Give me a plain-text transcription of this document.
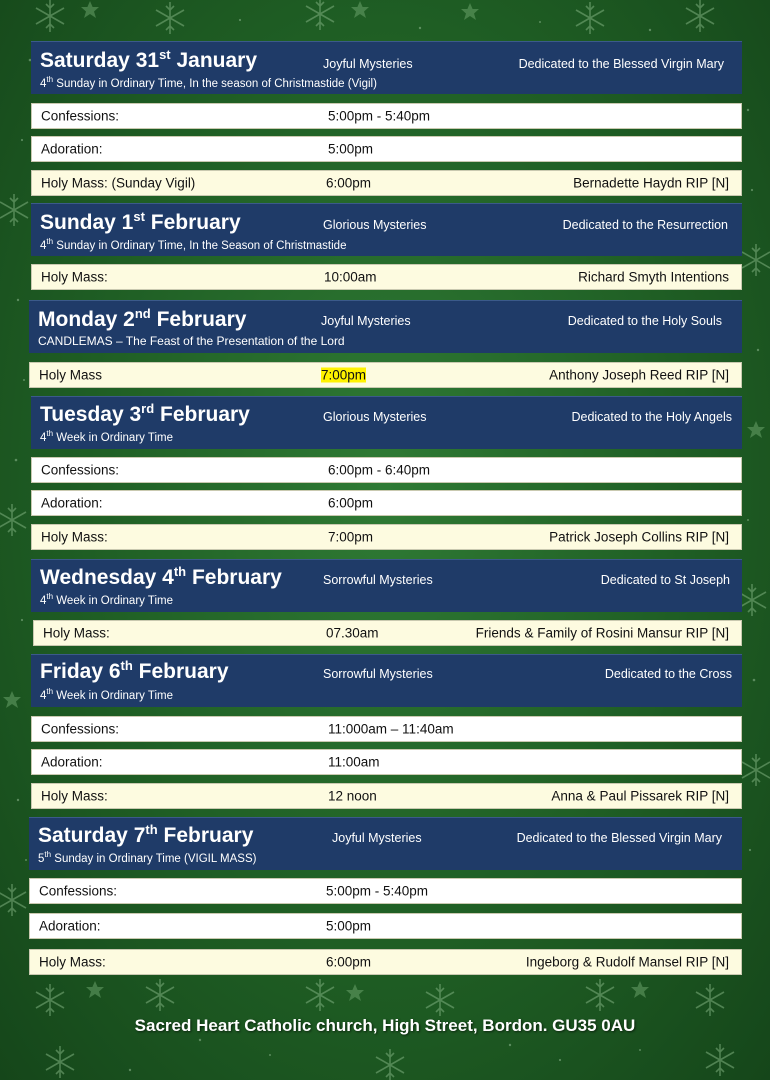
Saturday 31st January
4th Sunday in Ordinary Time, In the season of Christmastide (Vigil)
Joyful Mysteries	Dedicated to the Blessed Virgin Mary
Confessions:	5:00pm - 5:40pm
Adoration:	5:00pm
Holy Mass: (Sunday Vigil)	6:00pm	Bernadette Haydn RIP [N]
Sunday 1st February
4th Sunday in Ordinary Time, In the Season of Christmastide
Glorious Mysteries	Dedicated to the Resurrection
Holy Mass:	10:00am	Richard Smyth Intentions
Monday 2nd February
CANDLEMAS – The Feast of the Presentation of the Lord
Joyful Mysteries	Dedicated to the Holy Souls
Holy Mass	7:00pm	Anthony Joseph Reed RIP [N]
Tuesday 3rd February
4th Week in Ordinary Time
Glorious Mysteries	Dedicated to the Holy Angels
Confessions:	6:00pm - 6:40pm
Adoration:	6:00pm
Holy Mass:	7:00pm	Patrick Joseph Collins RIP [N]
Wednesday 4th February
4th Week in Ordinary Time
Sorrowful Mysteries	Dedicated to St Joseph
Holy Mass:	07.30am	Friends & Family of Rosini Mansur RIP [N]
Friday 6th February
4th Week in Ordinary Time
Sorrowful Mysteries	Dedicated to the Cross
Confessions:	11:000am – 11:40am
Adoration:	11:00am
Holy Mass:	12 noon	Anna & Paul Pissarek RIP [N]
Saturday 7th February
5th Sunday in Ordinary Time (VIGIL MASS)
Joyful Mysteries	Dedicated to the Blessed Virgin Mary
Confessions:	5:00pm - 5:40pm
Adoration:	5:00pm
Holy Mass:	6:00pm	Ingeborg & Rudolf Mansel RIP [N]
Sacred Heart Catholic church, High Street, Bordon. GU35 0AU
